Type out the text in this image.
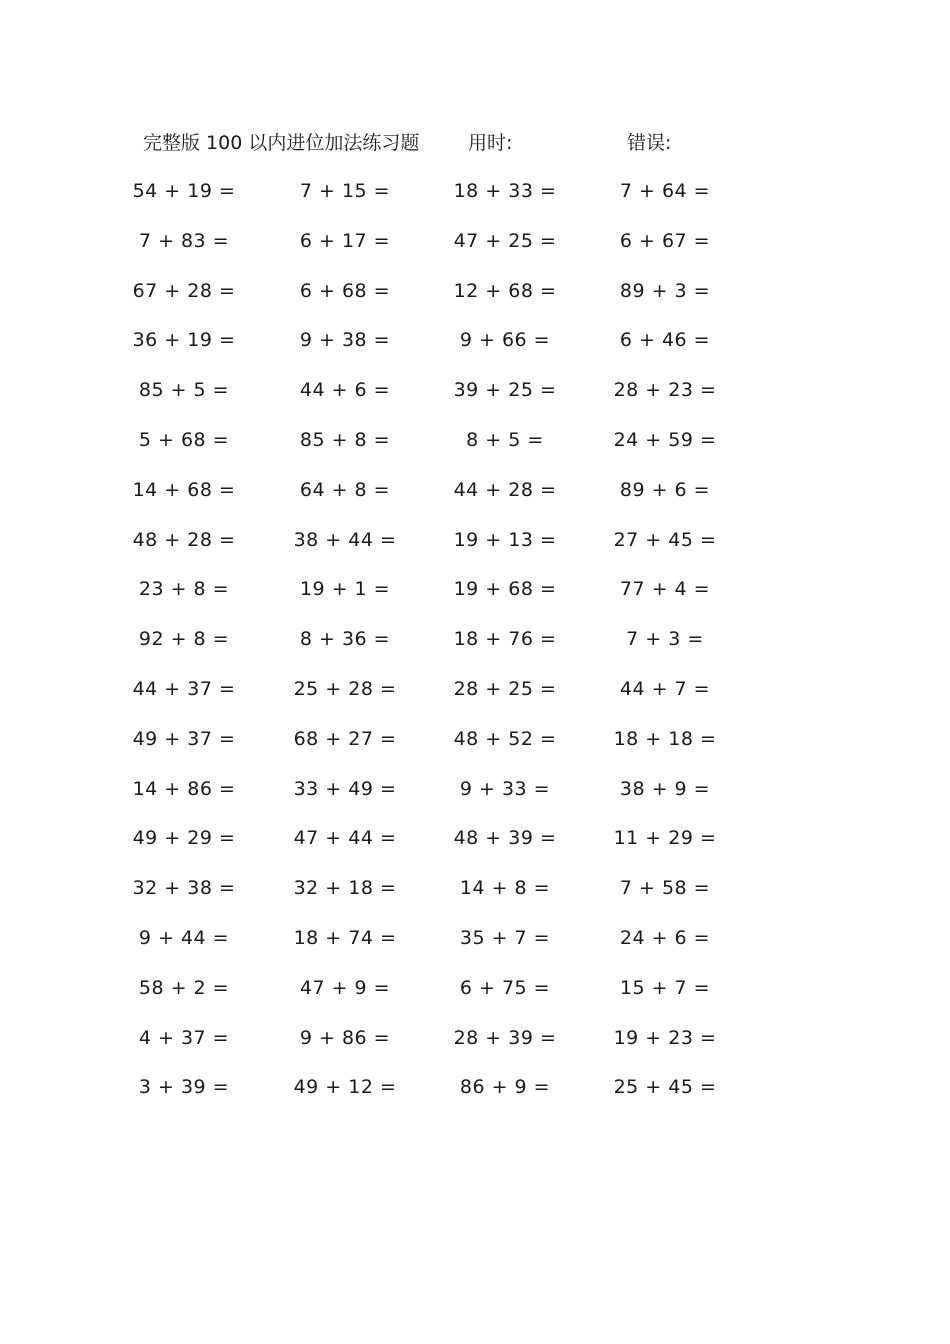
完整版 100 以内进位加法练习题	用时:	错误:
54 + 19 =	7 + 15 =	18 + 33 =	7 + 64 =
7 + 83 =	6 + 17 =	47 + 25 =	6 + 67 =
67 + 28 =	6 + 68 =	12 + 68 =	89 + 3 =
36 + 19 =	9 + 38 =	9 + 66 =	6 + 46 =
85 + 5 =	44 + 6 =	39 + 25 =	28 + 23 =
5 + 68 =	85 + 8 =	8 + 5 =	24 + 59 =
14 + 68 =	64 + 8 =	44 + 28 =	89 + 6 =
48 + 28 =	38 + 44 =	19 + 13 =	27 + 45 =
23 + 8 =	19 + 1 =	19 + 68 =	77 + 4 =
92 + 8 =	8 + 36 =	18 + 76 =	7 + 3 =
44 + 37 =	25 + 28 =	28 + 25 =	44 + 7 =
49 + 37 =	68 + 27 =	48 + 52 =	18 + 18 =
14 + 86 =	33 + 49 =	9 + 33 =	38 + 9 =
49 + 29 =	47 + 44 =	48 + 39 =	11 + 29 =
32 + 38 =	32 + 18 =	14 + 8 =	7 + 58 =
9 + 44 =	18 + 74 =	35 + 7 =	24 + 6 =
58 + 2 =	47 + 9 =	6 + 75 =	15 + 7 =
4 + 37 =	9 + 86 =	28 + 39 =	19 + 23 =
3 + 39 =	49 + 12 =	86 + 9 =	25 + 45 =
